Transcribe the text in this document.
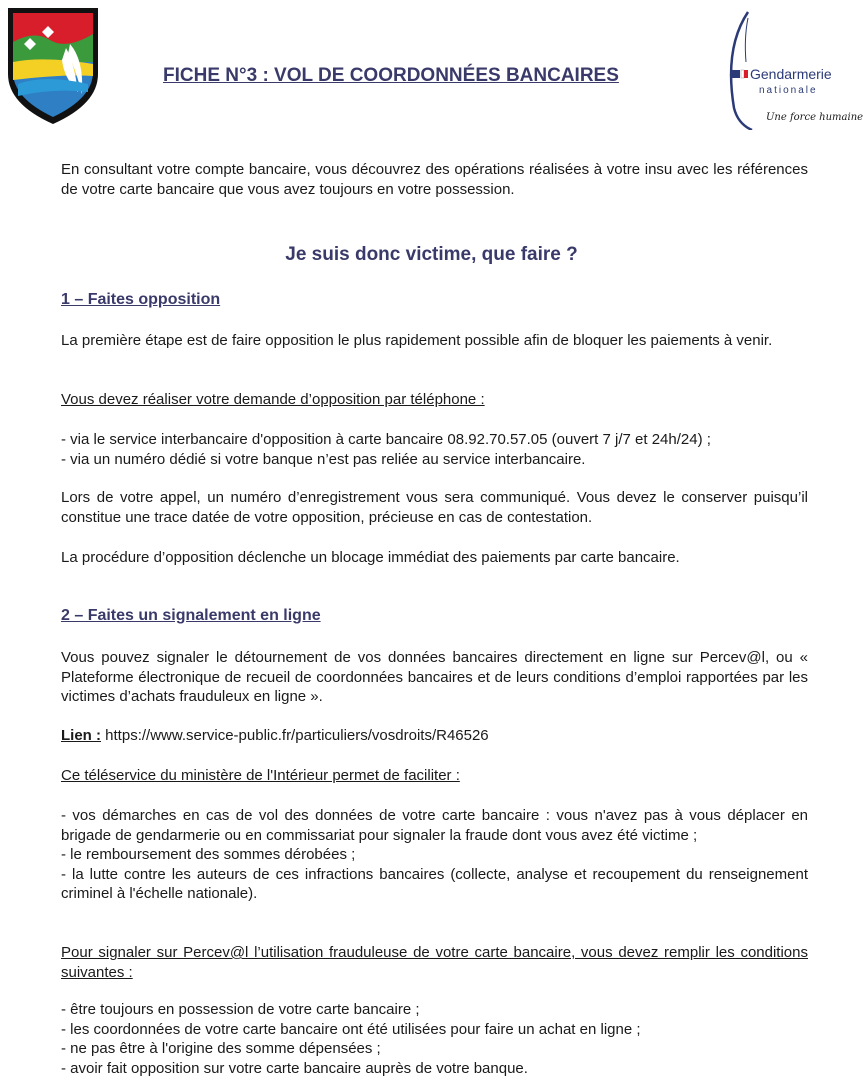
Gendarmerie
nationale
Une force humaine
FICHE N°3 : VOL DE COORDONNÉES BANCAIRES

En consultant votre compte bancaire, vous découvrez des opérations réalisées à votre insu avec les références de votre carte bancaire que vous avez toujours en votre possession.

Je suis donc victime, que faire ?
1 – Faites opposition

La première étape est de faire opposition le plus rapidement possible afin de bloquer les paiements à venir.

Vous devez réaliser votre demande d’opposition par téléphone :

- via le service interbancaire d'opposition à carte bancaire 08.92.70.57.05 (ouvert 7 j/7 et 24h/24) ;
- via un numéro dédié si votre banque n’est pas reliée au service interbancaire.

Lors de votre appel, un numéro d’enregistrement vous sera communiqué. Vous devez le conserver puisqu’il constitue une trace datée de votre opposition, précieuse en cas de contestation.

La procédure d’opposition déclenche un blocage immédiat des paiements par carte bancaire.

2 – Faites un signalement en ligne

Vous pouvez signaler le détournement de vos données bancaires directement en ligne sur Percev@l, ou « Plateforme électronique de recueil de coordonnées bancaires et de leurs conditions d’emploi rapportées par les victimes d’achats frauduleux en ligne ».

Lien : https://www.service-public.fr/particuliers/vosdroits/R46526

Ce téléservice du ministère de l'Intérieur permet de faciliter :

- vos démarches en cas de vol des données de votre carte bancaire : vous n'avez pas à vous déplacer en brigade de gendarmerie ou en commissariat pour signaler la fraude dont vous avez été victime ;
- le remboursement des sommes dérobées ;
- la lutte contre les auteurs de ces infractions bancaires (collecte, analyse et recoupement du renseignement criminel à l'échelle nationale).

Pour signaler sur Percev@l l’utilisation frauduleuse de votre carte bancaire, vous devez remplir les conditions suivantes :

- être toujours en possession de votre carte bancaire ;
- les coordonnées de votre carte bancaire ont été utilisées pour faire un achat en ligne ;
- ne pas être à l'origine des somme dépensées ;
- avoir fait opposition sur votre carte bancaire auprès de votre banque.
